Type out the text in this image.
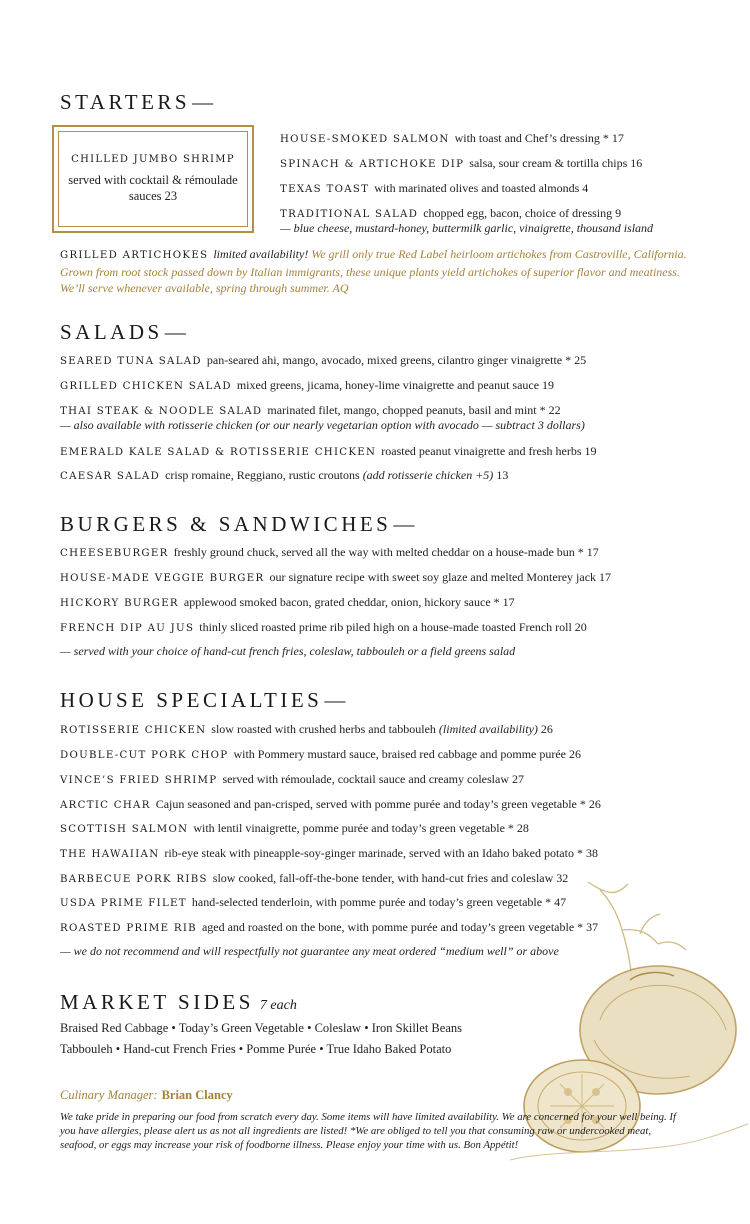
STARTERS—
CHILLED JUMBO SHRIMP
served with cocktail & rémoulade sauces 23
HOUSE-SMOKED SALMON with toast and Chef’s dressing * 17
SPINACH & ARTICHOKE DIP salsa, sour cream & tortilla chips 16
TEXAS TOAST with marinated olives and toasted almonds 4
TRADITIONAL SALAD chopped egg, bacon, choice of dressing 9
— blue cheese, mustard-honey, buttermilk garlic, vinaigrette, thousand island
GRILLED ARTICHOKES limited availability! We grill only true Red Label heirloom artichokes from Castroville, California. Grown from root stock passed down by Italian immigrants, these unique plants yield artichokes of superior flavor and meatiness. We’ll serve whenever available, spring through summer. AQ
SALADS—
SEARED TUNA SALAD pan-seared ahi, mango, avocado, mixed greens, cilantro ginger vinaigrette * 25
GRILLED CHICKEN SALAD mixed greens, jicama, honey-lime vinaigrette and peanut sauce 19
THAI STEAK & NOODLE SALAD marinated filet, mango, chopped peanuts, basil and mint * 22
— also available with rotisserie chicken (or our nearly vegetarian option with avocado — subtract 3 dollars)
EMERALD KALE SALAD & ROTISSERIE CHICKEN roasted peanut vinaigrette and fresh herbs 19
CAESAR SALAD crisp romaine, Reggiano, rustic croutons (add rotisserie chicken +5) 13
BURGERS & SANDWICHES—
CHEESEBURGER freshly ground chuck, served all the way with melted cheddar on a house-made bun * 17
HOUSE-MADE VEGGIE BURGER our signature recipe with sweet soy glaze and melted Monterey jack 17
HICKORY BURGER applewood smoked bacon, grated cheddar, onion, hickory sauce * 17
FRENCH DIP AU JUS thinly sliced roasted prime rib piled high on a house-made toasted French roll 20
— served with your choice of hand-cut french fries, coleslaw, tabbouleh or a field greens salad
HOUSE SPECIALTIES—
ROTISSERIE CHICKEN slow roasted with crushed herbs and tabbouleh (limited availability) 26
DOUBLE-CUT PORK CHOP with Pommery mustard sauce, braised red cabbage and pomme purée 26
VINCE’S FRIED SHRIMP served with rémoulade, cocktail sauce and creamy coleslaw 27
ARCTIC CHAR Cajun seasoned and pan-crisped, served with pomme purée and today’s green vegetable * 26
SCOTTISH SALMON with lentil vinaigrette, pomme purée and today’s green vegetable * 28
THE HAWAIIAN rib-eye steak with pineapple-soy-ginger marinade, served with an Idaho baked potato * 38
BARBECUE PORK RIBS slow cooked, fall-off-the-bone tender, with hand-cut fries and coleslaw 32
USDA PRIME FILET hand-selected tenderloin, with pomme purée and today’s green vegetable * 47
ROASTED PRIME RIB aged and roasted on the bone, with pomme purée and today’s green vegetable * 37
— we do not recommend and will respectfully not guarantee any meat ordered “medium well” or above
MARKET SIDES 7 each
Braised Red Cabbage • Today’s Green Vegetable • Coleslaw • Iron Skillet Beans
Tabbouleh • Hand-cut French Fries • Pomme Purée • True Idaho Baked Potato
Culinary Manager: Brian Clancy
We take pride in preparing our food from scratch every day. Some items will have limited availability. We are concerned for your well being. If you have allergies, please alert us as not all ingredients are listed! *We are obliged to tell you that consuming raw or undercooked meat, seafood, or eggs may increase your risk of foodborne illness. Please enjoy your time with us. Bon Appétit!
